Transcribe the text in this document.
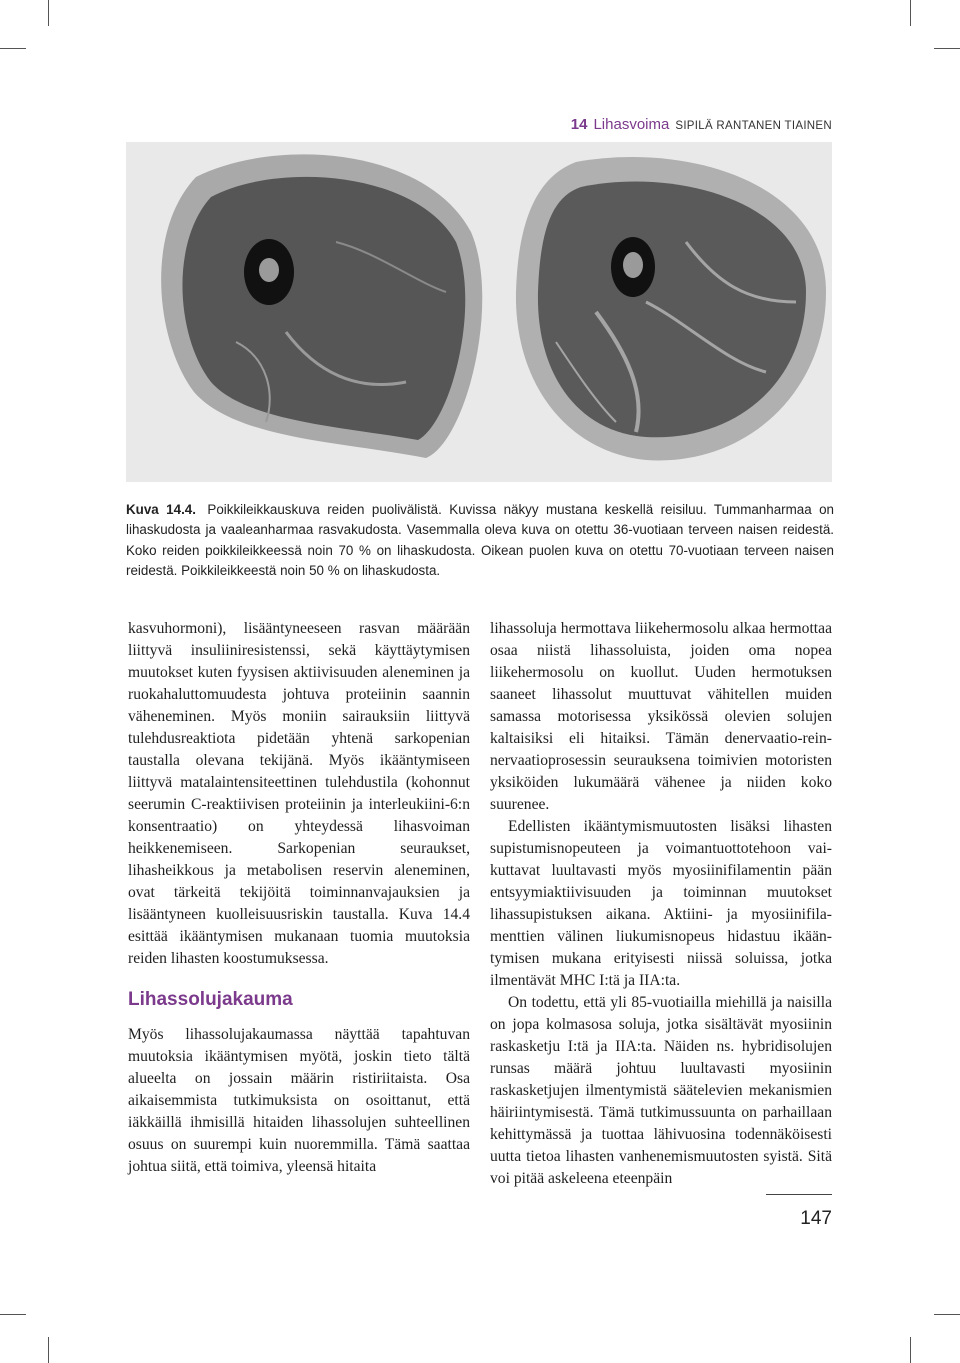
14 Lihasvoima SIPILÄ RANTANEN TIAINEN
Kuva 14.4. Poikkileikkauskuva reiden puolivälistä. Kuvissa näkyy mustana keskellä reisiluu. Tummanharmaa on lihaskudosta ja vaaleanharmaa rasvakudosta. Vasemmalla oleva kuva on otettu 36-vuotiaan terveen naisen reidestä. Koko reiden poikkileikkeessä noin 70 % on lihaskudosta. Oikean puolen kuva on otettu 70-vuotiaan terveen naisen reidestä. Poikkileikkeestä noin 50 % on lihaskudosta.

kasvuhormoni), lisääntyneeseen rasvan määrään liittyvä insuliiniresistenssi, sekä käyttäytymisen muutokset kuten fyysisen aktiivisuuden aleneminen ja ruokahaluttomuudesta johtuva proteiinin saannin väheneminen. Myös moniin sairauksiin liittyvä tulehdusreaktiota pidetään yhtenä sarkopenian taustalla olevana tekijänä. Myös ikääntymiseen liittyvä matalaintensiteettinen tulehdustila (kohonnut seerumin C-reaktiivisen proteiinin ja interleukiini-6:n konsentraatio) on yhteydessä lihasvoiman heikkenemiseen. Sarkopenian seuraukset, lihasheikkous ja metabolisen reservin aleneminen, ovat tärkeitä tekijöitä toiminnanvajauksien ja lisääntyneen kuolleisuusriskin taustalla. Kuva 14.4 esittää ikääntymisen mukanaan tuomia muutoksia reiden lihasten koostumuksessa.

Lihassolujakauma

Myös lihassolujakaumassa näyttää tapahtuvan muutoksia ikääntymisen myötä, joskin tieto tältä alueelta on jossain määrin ristiriitaista. Osa aikaisemmista tutkimuksista on osoittanut, että iäkkäillä ihmisillä hitaiden lihassolujen suhteellinen osuus on suurempi kuin nuoremmilla. Tämä saattaa johtua siitä, että toimiva, yleensä hitaita

lihassoluja hermottava liikehermosolu alkaa hermottaa osaa niistä lihassoluista, joiden oma nopea liikehermosolu on kuollut. Uuden hermotuksen saaneet lihassolut muuttuvat vähitellen muiden samassa motorisessa yksikössä olevien solujen kaltaisiksi eli hitaiksi. Tämän denervaatio-reinnervaatioprosessin seurauksena toimivien motoristen yksiköiden lukumäärä vähenee ja niiden koko suurenee.

Edellisten ikääntymismuutosten lisäksi lihasten supistumisnopeuteen ja voimantuottotehoon vaikuttavat luultavasti myös myosiinifilamentin pään entsyymiaktiivisuuden ja toiminnan muutokset lihassupistuksen aikana. Aktiini- ja myosiinifilamenttien välinen liukumisnopeus hidastuu ikääntymisen mukana erityisesti niissä soluissa, jotka ilmentävät MHC I:tä ja IIA:ta.

On todettu, että yli 85-vuotiailla miehillä ja naisilla on jopa kolmasosa soluja, jotka sisältävät myosiinin raskasketju I:tä ja IIA:ta. Näiden ns. hybridisolujen runsas määrä johtuu luultavasti myosiinin raskasketjujen ilmentymistä säätelevien mekanismien häiriintymisestä. Tämä tutkimussuunta on parhaillaan kehittymässä ja tuottaa lähivuosina todennäköisesti uutta tietoa lihasten vanhenemismuutosten syistä. Sitä voi pitää askeleena eteenpäin

147
